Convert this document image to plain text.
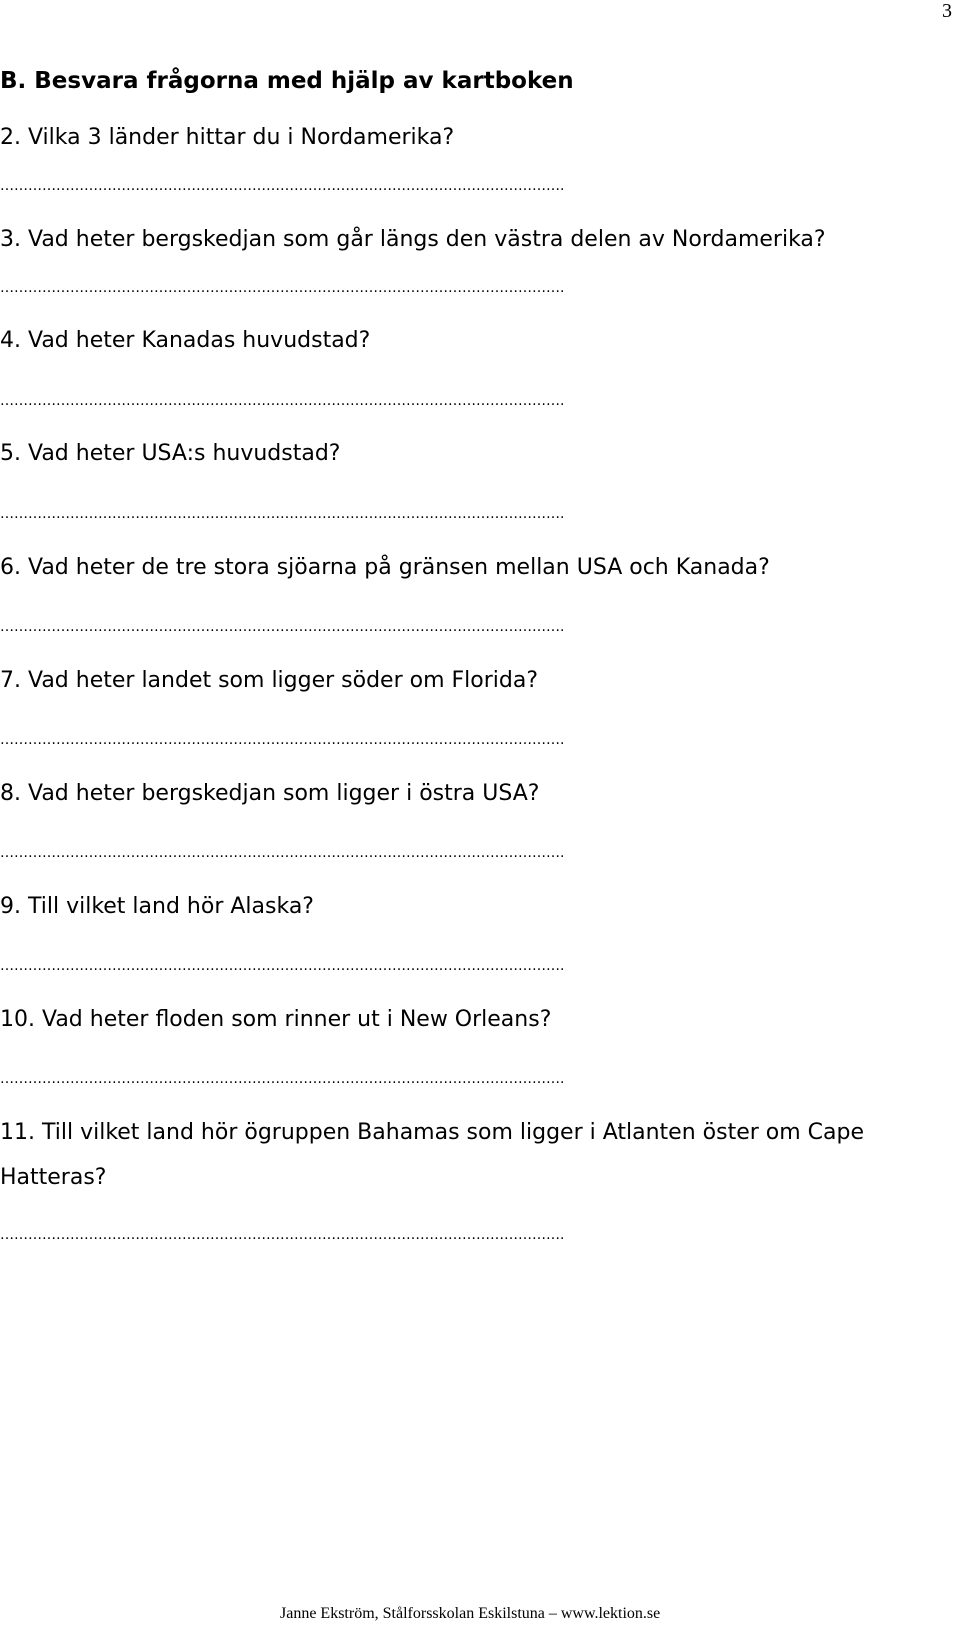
3
B. Besvara frågorna med hjälp av kartboken
2. Vilka 3 länder hittar du i Nordamerika?
………………………………………………………………………………………………………….
3. Vad heter bergskedjan som går längs den västra delen av Nordamerika?
………………………………………………………………………………………………………….
4. Vad heter Kanadas huvudstad?
………………………………………………………………………………………………………….
5. Vad heter USA:s huvudstad?
………………………………………………………………………………………………………….
6. Vad heter de tre stora sjöarna på gränsen mellan USA och Kanada?
………………………………………………………………………………………………………….
7. Vad heter landet som ligger söder om Florida?
………………………………………………………………………………………………………….
8. Vad heter bergskedjan som ligger i östra USA?
………………………………………………………………………………………………………….
9. Till vilket land hör Alaska?
………………………………………………………………………………………………………….
10. Vad heter floden som rinner ut i New Orleans?
………………………………………………………………………………………………………….
11. Till vilket land hör ögruppen Bahamas som ligger i Atlanten öster om Cape Hatteras?
………………………………………………………………………………………………………….
Janne Ekström, Stålforsskolan Eskilstuna – www.lektion.se
